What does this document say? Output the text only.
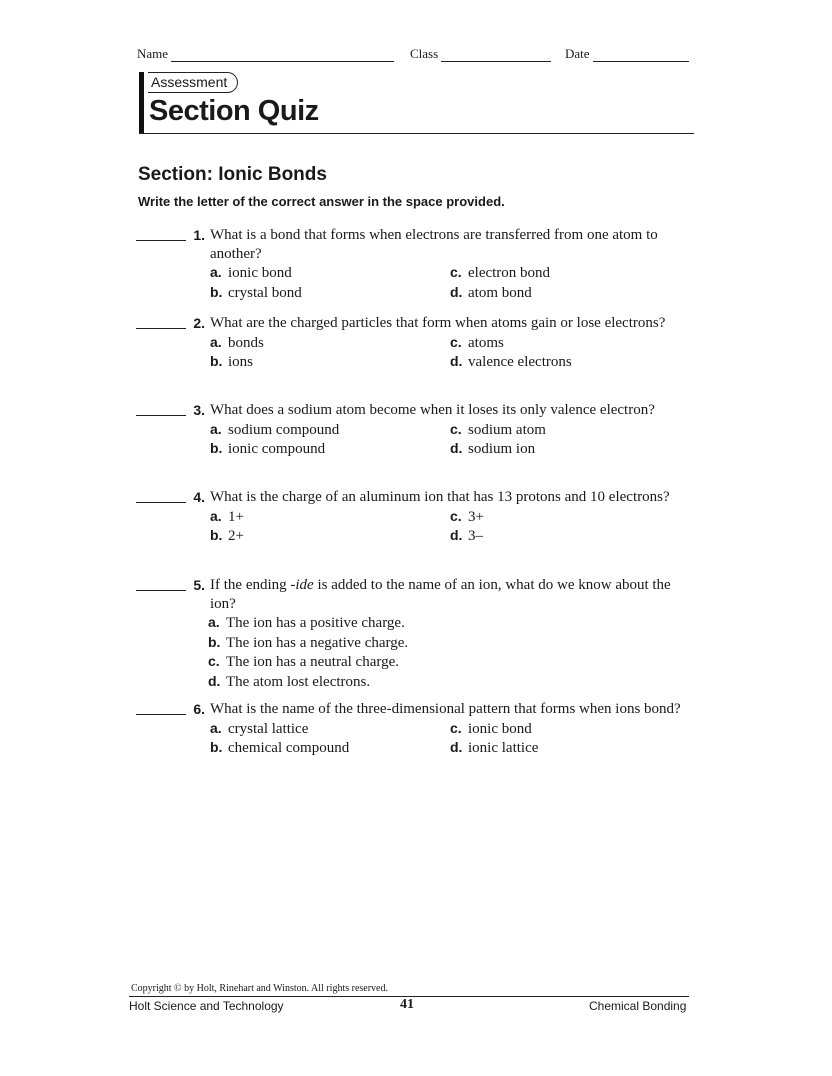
Name	Class	Date
Assessment
Section Quiz
Section: Ionic Bonds
Write the letter of the correct answer in the space provided.
1. What is a bond that forms when electrons are transferred from one atom to another?
a. ionic bond	c. electron bond
b. crystal bond	d. atom bond
2. What are the charged particles that form when atoms gain or lose electrons?
a. bonds	c. atoms
b. ions	d. valence electrons
3. What does a sodium atom become when it loses its only valence electron?
a. sodium compound	c. sodium atom
b. ionic compound	d. sodium ion
4. What is the charge of an aluminum ion that has 13 protons and 10 electrons?
a. 1+	c. 3+
b. 2+	d. 3–
5. If the ending -ide is added to the name of an ion, what do we know about the ion?
a. The ion has a positive charge.
b. The ion has a negative charge.
c. The ion has a neutral charge.
d. The atom lost electrons.
6. What is the name of the three-dimensional pattern that forms when ions bond?
a. crystal lattice	c. ionic bond
b. chemical compound	d. ionic lattice
Copyright © by Holt, Rinehart and Winston. All rights reserved.
Holt Science and Technology	41	Chemical Bonding
